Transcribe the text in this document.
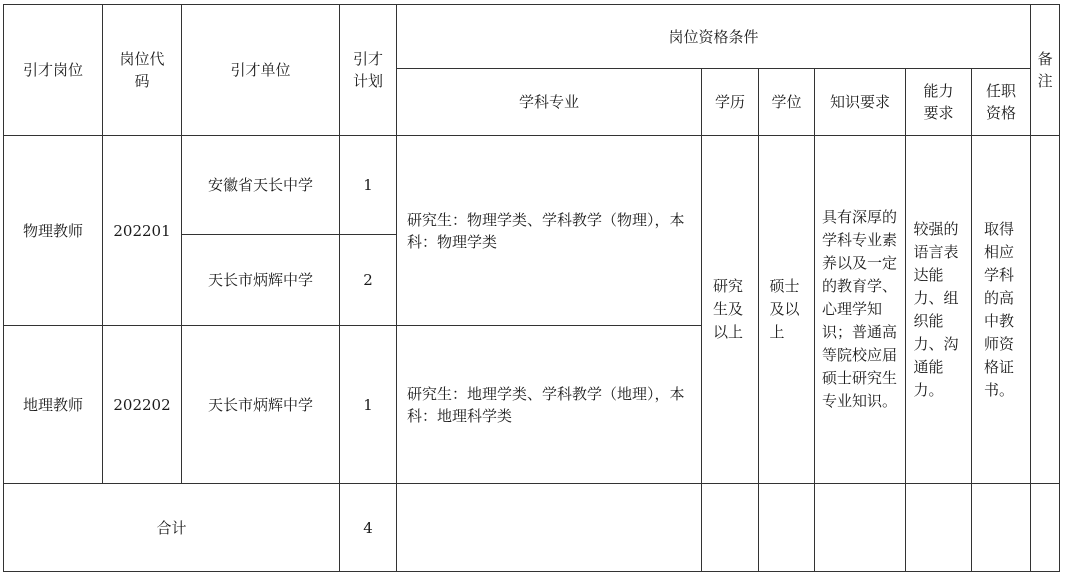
引才岗位	岗位代码	引才单位	引才计划	岗位资格条件						备注
				学科专业	学历	学位	知识要求	能力要求	任职资格	
物理教师	202201	安徽省天长中学	1	研究生：物理学类、学科教学（物理），本科：物理学类	研究生及以上	硕士及以上	具有深厚的学科专业素养以及一定的教育学、心理学知识；普通高等院校应届硕士研究生专业知识。	较强的语言表达能力、组织能力、沟通能力。	取得相应学科的高中教师资格证书。	
		天长市炳辉中学	2							
地理教师	202202	天长市炳辉中学	1	研究生：地理学类、学科教学（地理），本科：地理科学类						
合计			4							
